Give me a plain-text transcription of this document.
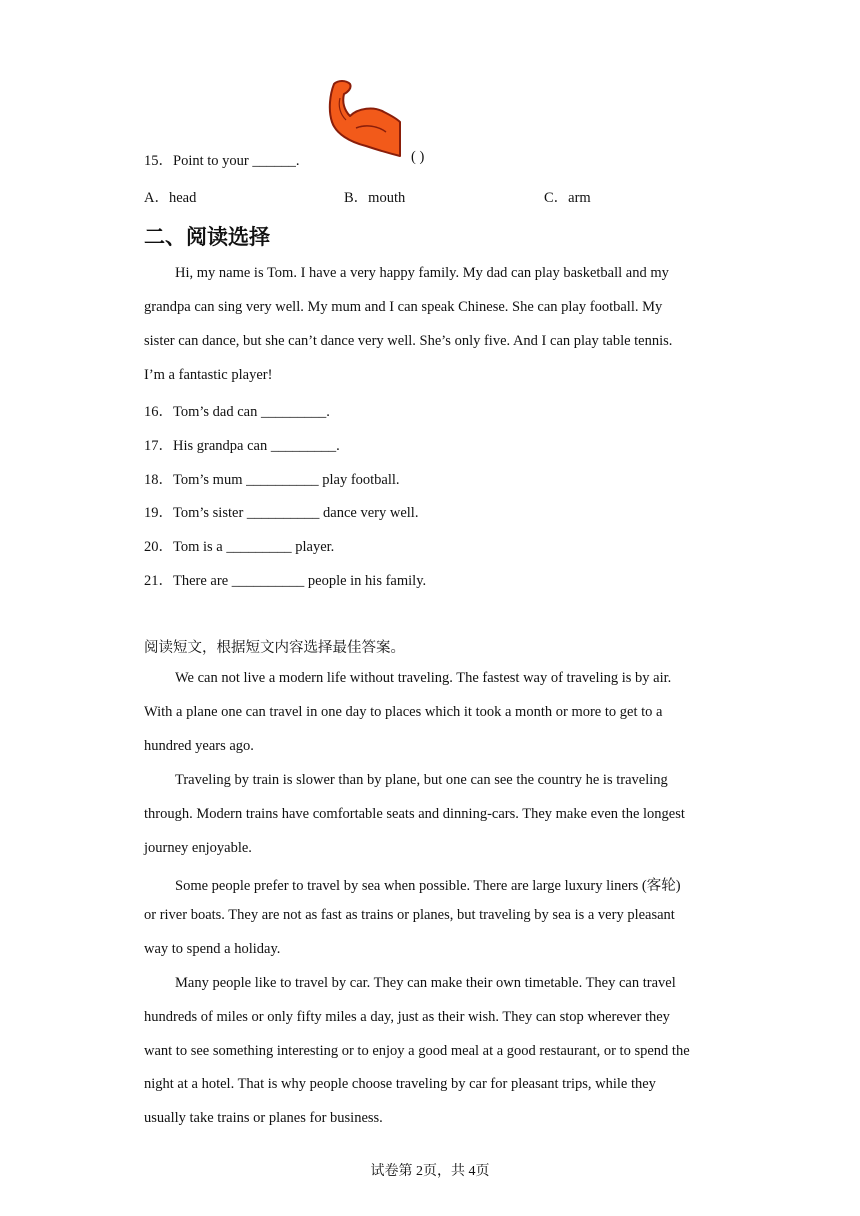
15．Point to your ______.	( )
A．head	B．mouth	C．arm
二、阅读选择
Hi, my name is Tom. I have a very happy family. My dad can play basketball and my
grandpa can sing very well. My mum and I can speak Chinese. She can play football. My
sister can dance, but she can’t dance very well. She’s only five. And I can play table tennis.
I’m a fantastic player!
16．Tom’s dad can _________.
17．His grandpa can _________.
18．Tom’s mum __________ play football.
19．Tom’s sister __________ dance very well.
20．Tom is a _________ player.
21．There are __________ people in his family.
阅读短文，根据短文内容选择最佳答案。
We can not live a modern life without traveling. The fastest way of traveling is by air.
With a plane one can travel in one day to places which it took a month or more to get to a
hundred years ago.
Traveling by train is slower than by plane, but one can see the country he is traveling
through. Modern trains have comfortable seats and dinning-cars. They make even the longest
journey enjoyable.
Some people prefer to travel by sea when possible. There are large luxury liners (客轮)
or river boats. They are not as fast as trains or planes, but traveling by sea is a very pleasant
way to spend a holiday.
Many people like to travel by car. They can make their own timetable. They can travel
hundreds of miles or only fifty miles a day, just as their wish. They can stop wherever they
want to see something interesting or to enjoy a good meal at a good restaurant, or to spend the
night at a hotel. That is why people choose traveling by car for pleasant trips, while they
usually take trains or planes for business.
试卷第 2页，共 4页
